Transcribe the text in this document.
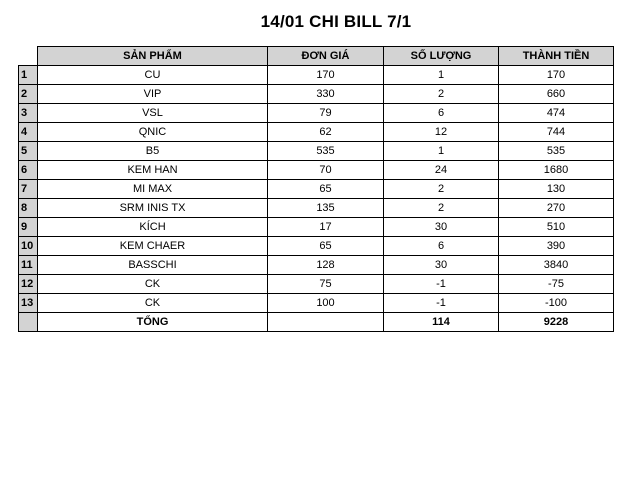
14/01 CHI BILL 7/1
	SẢN PHẨM	ĐƠN GIÁ	SỐ LƯỢNG	THÀNH TIỀN
1	CU	170	1	170
2	VIP	330	2	660
3	VSL	79	6	474
4	QNIC	62	12	744
5	B5	535	1	535
6	KEM HAN	70	24	1680
7	MI MAX	65	2	130
8	SRM INIS TX	135	2	270
9	KÍCH	17	30	510
10	KEM CHAER	65	6	390
11	BASSCHI	128	30	3840
12	CK	75	-1	-75
13	CK	100	-1	-100
	TỔNG		114	9228
